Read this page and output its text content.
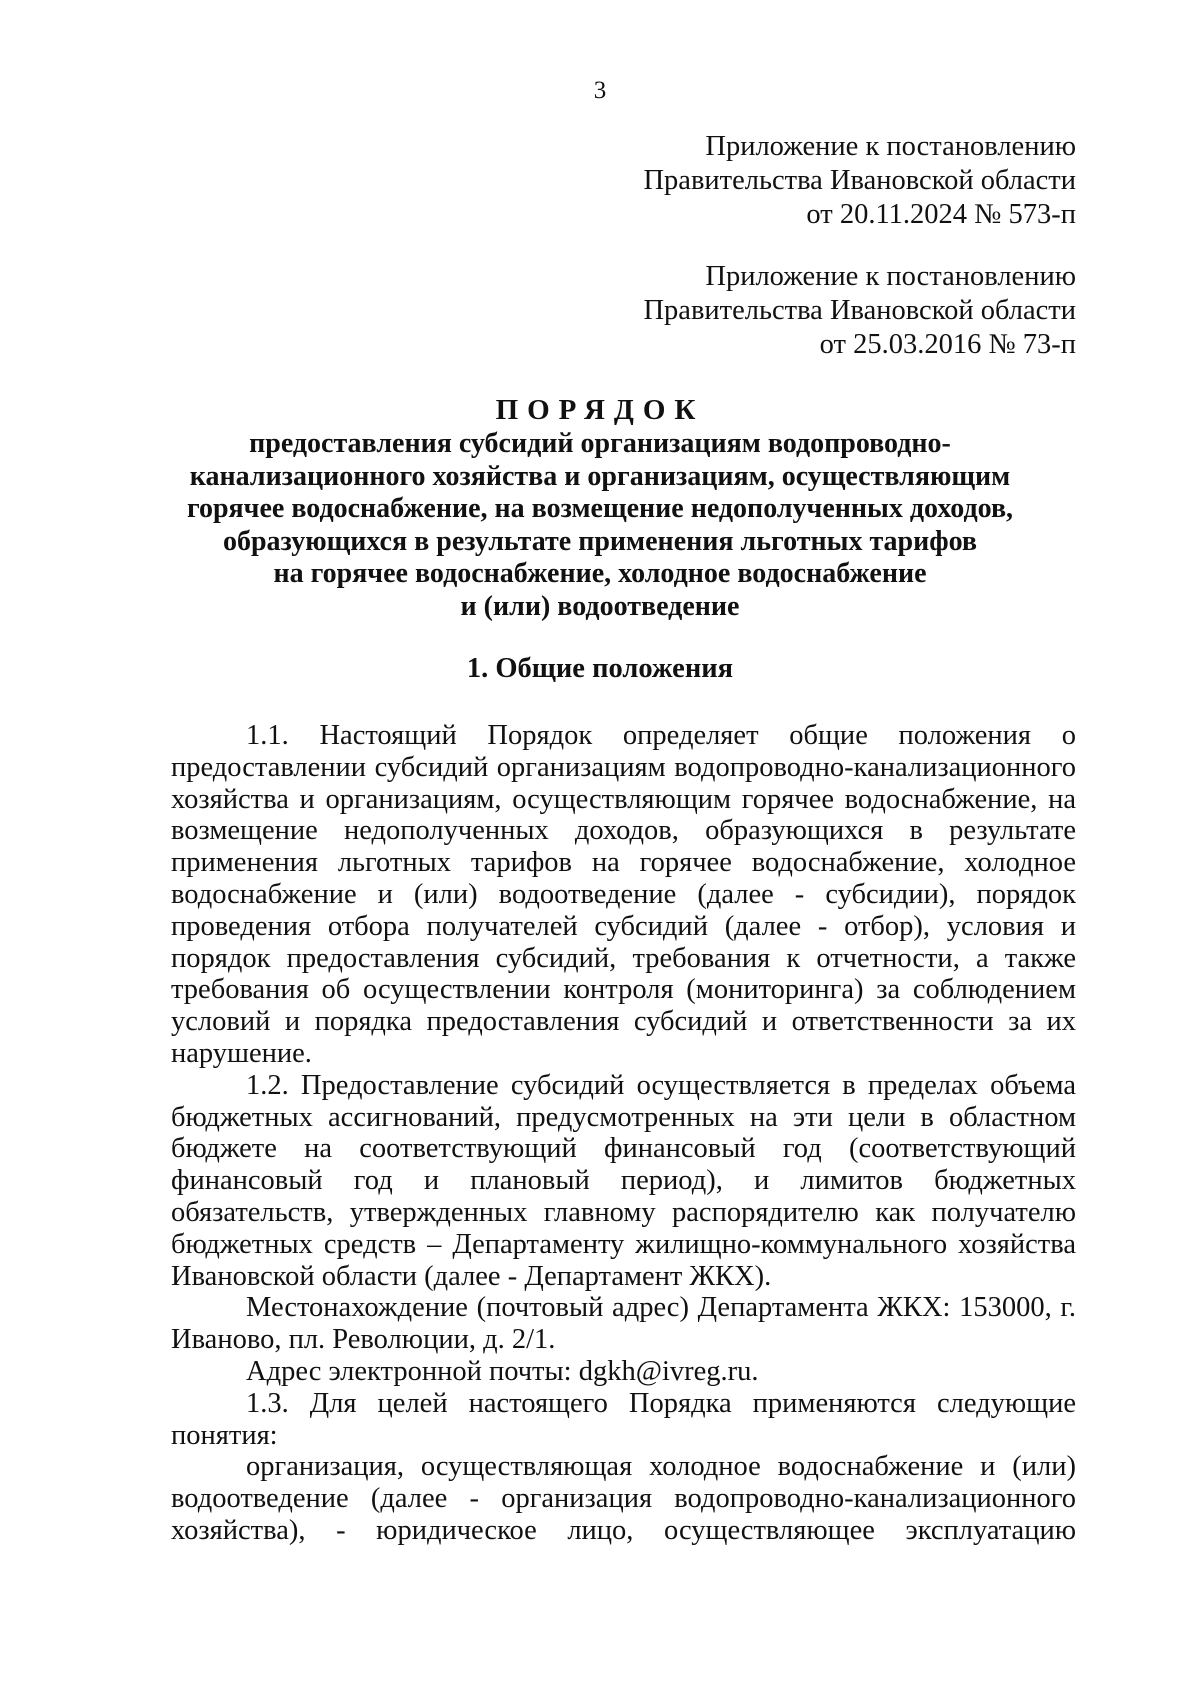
3
Приложение к постановлению
Правительства Ивановской области
от 20.11.2024 № 573-п
Приложение к постановлению
Правительства Ивановской области
от 25.03.2016 № 73-п
ПОРЯДОК
предоставления субсидий организациям водопроводно-
канализационного хозяйства и организациям, осуществляющим
горячее водоснабжение, на возмещение недополученных доходов,
образующихся в результате применения льготных тарифов
на горячее водоснабжение, холодное водоснабжение
и (или) водоотведение
1. Общие положения

1.1. Настоящий Порядок определяет общие положения о предоставлении субсидий организациям водопроводно-канализационного хозяйства и организациям, осуществляющим горячее водоснабжение, на возмещение недополученных доходов, образующихся в результате применения льготных тарифов на горячее водоснабжение, холодное водоснабжение и (или) водоотведение (далее - субсидии), порядок проведения отбора получателей субсидий (далее - отбор), условия и порядок предоставления субсидий, требования к отчетности, а также требования об осуществлении контроля (мониторинга) за соблюдением условий и порядка предоставления субсидий и ответственности за их нарушение.

1.2. Предоставление субсидий осуществляется в пределах объема бюджетных ассигнований, предусмотренных на эти цели в областном бюджете на соответствующий финансовый год (соответствующий финансовый год и плановый период), и лимитов бюджетных обязательств, утвержденных главному распорядителю как получателю бюджетных средств – Департаменту жилищно-коммунального хозяйства Ивановской области (далее - Департамент ЖКХ).

Местонахождение (почтовый адрес) Департамента ЖКХ: 153000, г. Иваново, пл. Революции, д. 2/1.

Адрес электронной почты: dgkh@ivreg.ru.

1.3. Для целей настоящего Порядка применяются следующие понятия:

организация, осуществляющая холодное водоснабжение и (или) водоотведение (далее - организация водопроводно-канализационного хозяйства), - юридическое лицо, осуществляющее эксплуатацию
